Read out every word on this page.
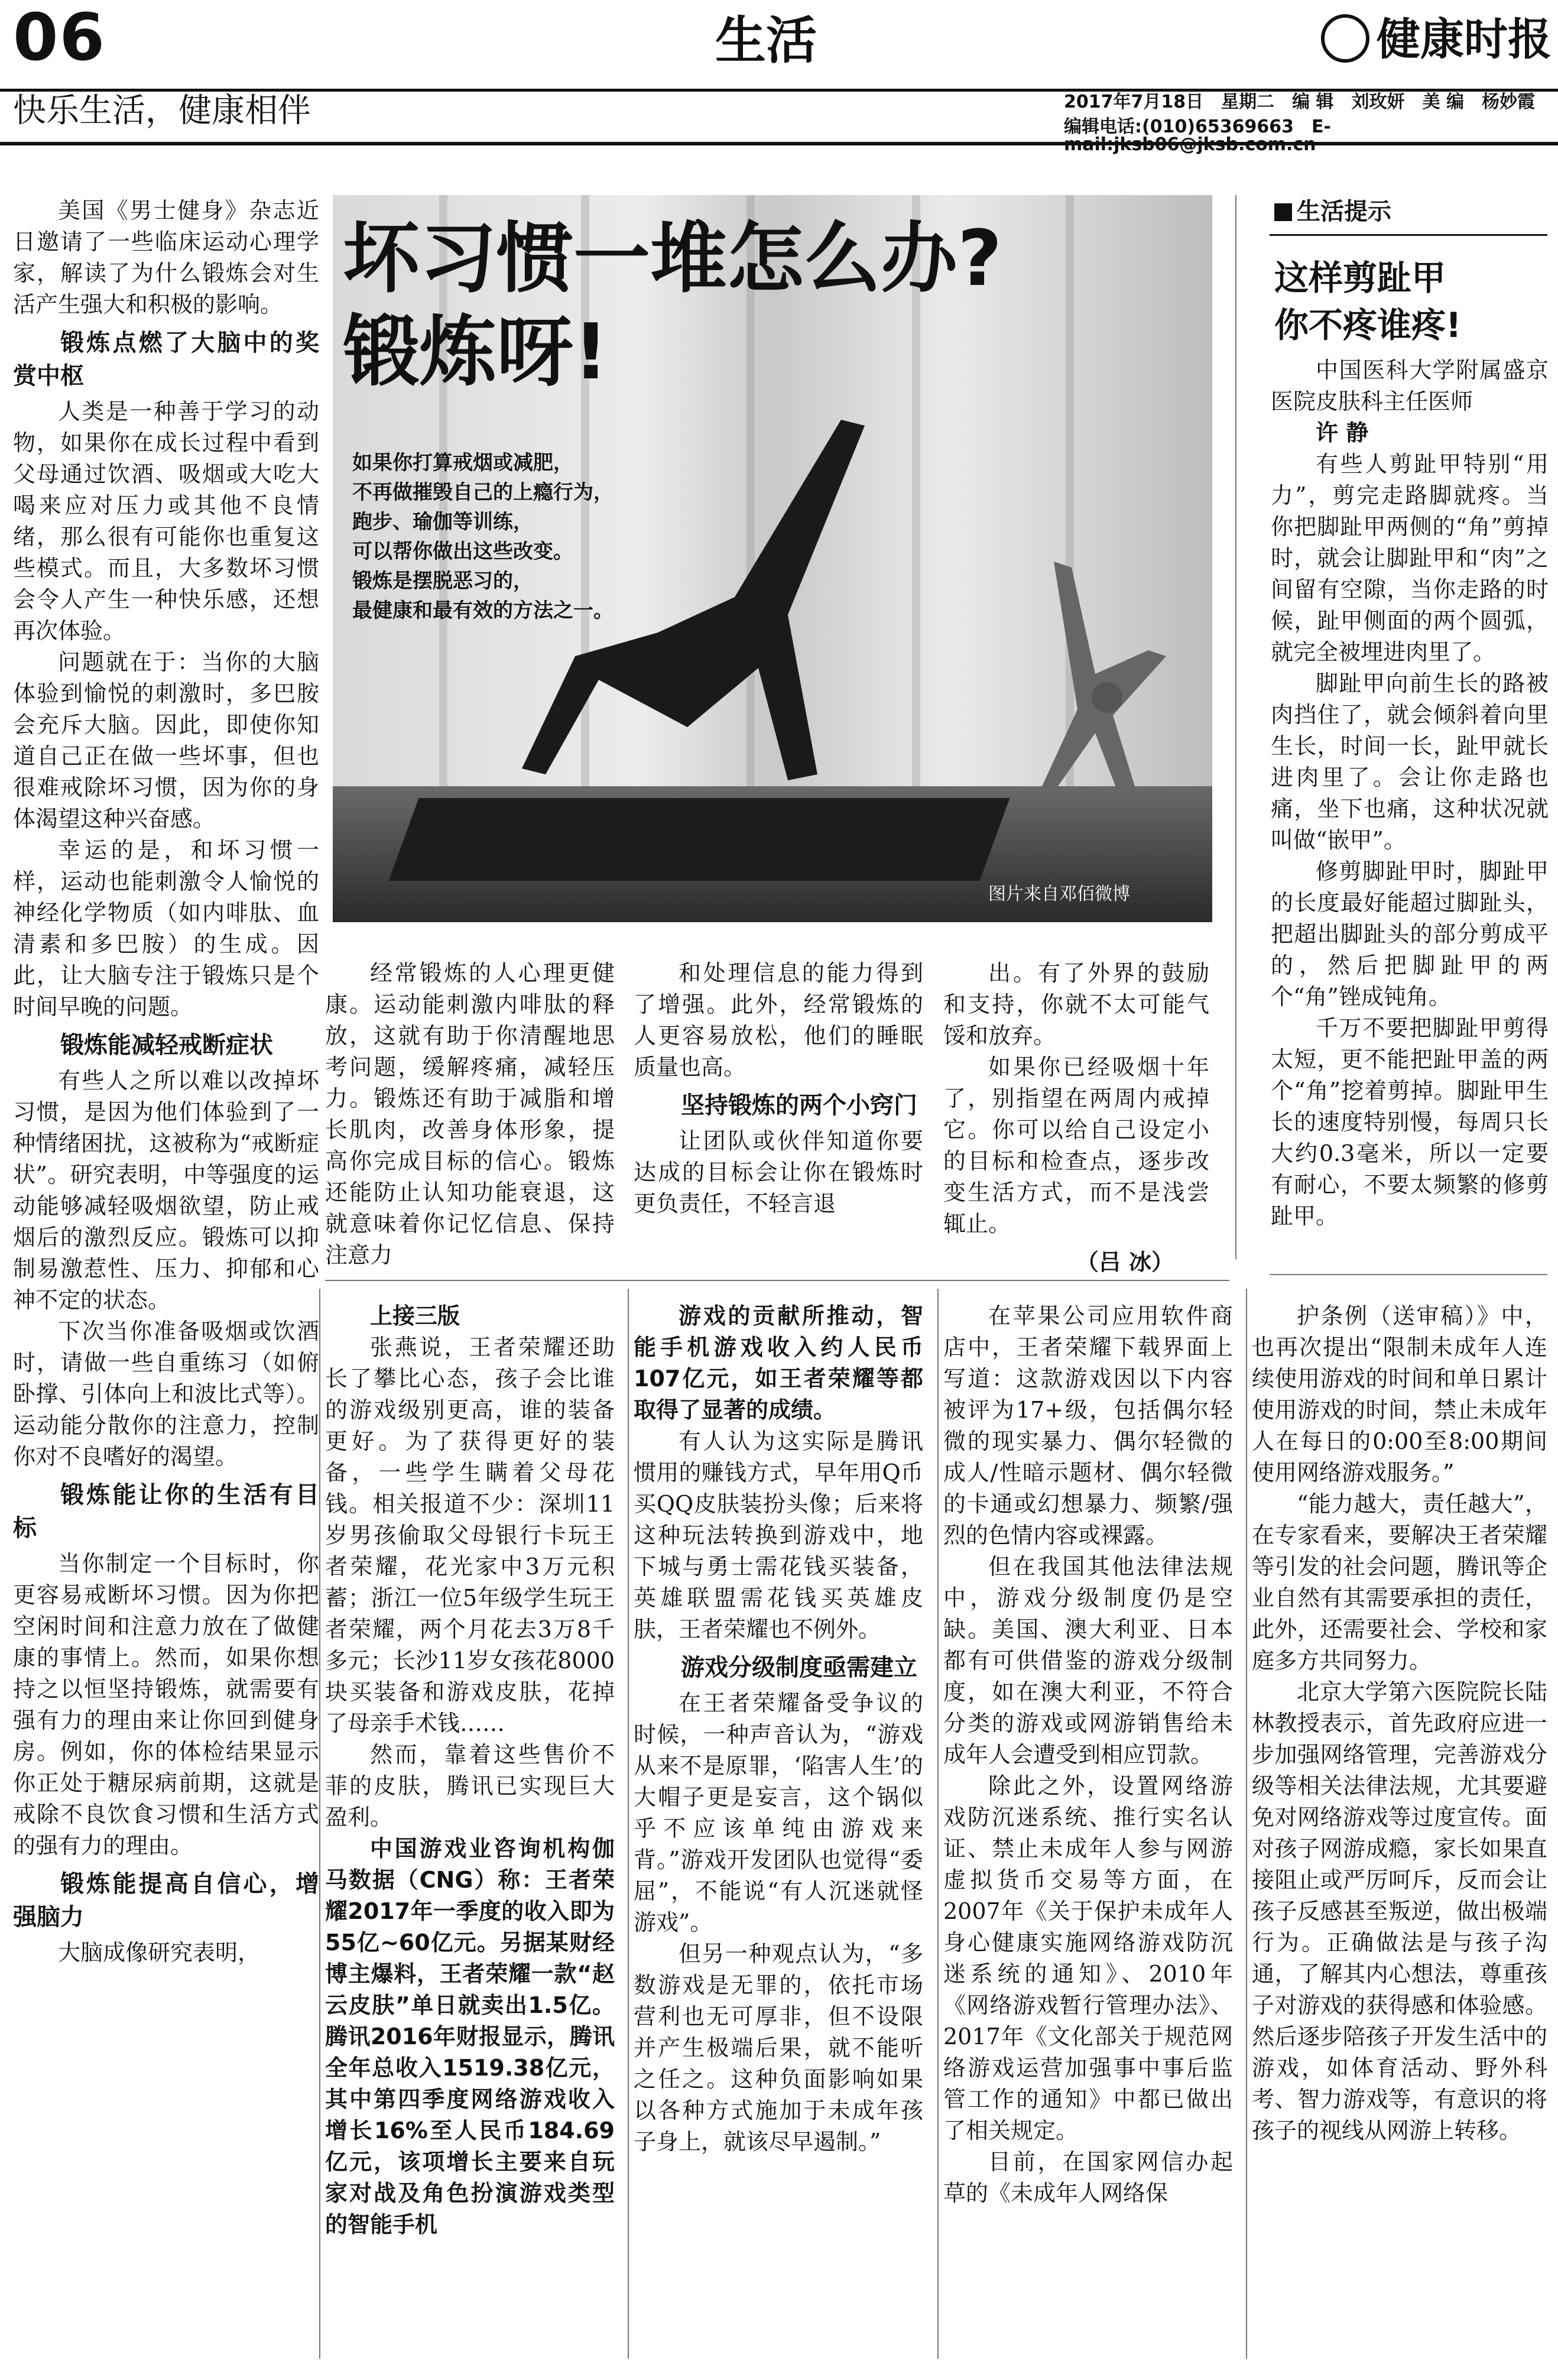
06	生活	健康时报
快乐生活，健康相伴	2017年7月18日　星期二　编 辑　刘玫妍　美 编　杨妙霞
编辑电话:(010)65369663　E-
坏习惯一堆怎么办?
锻炼呀!
如果你打算戒烟或减肥，
不再做摧毁自己的上瘾行为，
跑步、瑜伽等训练，
可以帮你做出这些改变。
锻炼是摆脱恶习的，
最健康和最有效的方法之一。
图片来自邓佰微博

美国《男士健身》杂志近日邀请了一些临床运动心理学家，解读了为什么锻炼会对生活产生强大和积极的影响。

锻炼点燃了大脑中的奖赏中枢

人类是一种善于学习的动物，如果你在成长过程中看到父母通过饮酒、吸烟或大吃大喝来应对压力或其他不良情绪，那么很有可能你也重复这些模式。而且，大多数坏习惯会令人产生一种快乐感，还想再次体验。

问题就在于：当你的大脑体验到愉悦的刺激时，多巴胺会充斥大脑。因此，即使你知道自己正在做一些坏事，但也很难戒除坏习惯，因为你的身体渴望这种兴奋感。

幸运的是，和坏习惯一样，运动也能刺激令人愉悦的神经化学物质（如内啡肽、血清素和多巴胺）的生成。因此，让大脑专注于锻炼只是个时间早晚的问题。

锻炼能减轻戒断症状

有些人之所以难以改掉坏习惯，是因为他们体验到了一种情绪困扰，这被称为“戒断症状”。研究表明，中等强度的运动能够减轻吸烟欲望，防止戒烟后的激烈反应。锻炼可以抑制易激惹性、压力、抑郁和心神不定的状态。

下次当你准备吸烟或饮酒时，请做一些自重练习（如俯卧撑、引体向上和波比式等）。运动能分散你的注意力，控制你对不良嗜好的渴望。

锻炼能让你的生活有目标

当你制定一个目标时，你更容易戒断坏习惯。因为你把空闲时间和注意力放在了做健康的事情上。然而，如果你想持之以恒坚持锻炼，就需要有强有力的理由来让你回到健身房。例如，你的体检结果显示你正处于糖尿病前期，这就是戒除不良饮食习惯和生活方式的强有力的理由。

锻炼能提高自信心，增强脑力

大脑成像研究表明，

经常锻炼的人心理更健康。运动能刺激内啡肽的释放，这就有助于你清醒地思考问题，缓解疼痛，减轻压力。锻炼还有助于减脂和增长肌肉，改善身体形象，提高你完成目标的信心。锻炼还能防止认知功能衰退，这就意味着你记忆信息、保持注意力

和处理信息的能力得到了增强。此外，经常锻炼的人更容易放松，他们的睡眠质量也高。

坚持锻炼的两个小窍门

让团队或伙伴知道你要达成的目标会让你在锻炼时更负责任，不轻言退

出。有了外界的鼓励和支持，你就不太可能气馁和放弃。

如果你已经吸烟十年了，别指望在两周内戒掉它。你可以给自己设定小的目标和检查点，逐步改变生活方式，而不是浅尝辄止。

（吕 冰）

生活提示
这样剪趾甲
你不疼谁疼!

中国医科大学附属盛京医院皮肤科主任医师

许 静

有些人剪趾甲特别“用力”，剪完走路脚就疼。当你把脚趾甲两侧的“角”剪掉时，就会让脚趾甲和“肉”之间留有空隙，当你走路的时候，趾甲侧面的两个圆弧，就完全被埋进肉里了。

脚趾甲向前生长的路被肉挡住了，就会倾斜着向里生长，时间一长，趾甲就长进肉里了。会让你走路也痛，坐下也痛，这种状况就叫做“嵌甲”。

修剪脚趾甲时，脚趾甲的长度最好能超过脚趾头，把超出脚趾头的部分剪成平的，然后把脚趾甲的两个“角”锉成钝角。

千万不要把脚趾甲剪得太短，更不能把趾甲盖的两个“角”挖着剪掉。脚趾甲生长的速度特别慢，每周只长大约0.3毫米，所以一定要有耐心，不要太频繁的修剪趾甲。

上接三版

张燕说，王者荣耀还助长了攀比心态，孩子会比谁的游戏级别更高，谁的装备更好。为了获得更好的装备，一些学生瞒着父母花钱。相关报道不少：深圳11岁男孩偷取父母银行卡玩王者荣耀，花光家中3万元积蓄；浙江一位5年级学生玩王者荣耀，两个月花去3万8千多元；长沙11岁女孩花8000块买装备和游戏皮肤，花掉了母亲手术钱……

然而，靠着这些售价不菲的皮肤，腾讯已实现巨大盈利。

中国游戏业咨询机构伽马数据（CNG）称：王者荣耀2017年一季度的收入即为55亿~60亿元。另据某财经博主爆料，王者荣耀一款“赵云皮肤”单日就卖出1.5亿。腾讯2016年财报显示，腾讯全年总收入1519.38亿元，其中第四季度网络游戏收入增长16%至人民币184.69亿元，该项增长主要来自玩家对战及角色扮演游戏类型的智能手机

游戏的贡献所推动，智能手机游戏收入约人民币107亿元，如王者荣耀等都取得了显著的成绩。

有人认为这实际是腾讯惯用的赚钱方式，早年用Q币买QQ皮肤装扮头像；后来将这种玩法转换到游戏中，地下城与勇士需花钱买装备，英雄联盟需花钱买英雄皮肤，王者荣耀也不例外。

游戏分级制度亟需建立

在王者荣耀备受争议的时候，一种声音认为，“游戏从来不是原罪，‘陷害人生’的大帽子更是妄言，这个锅似乎不应该单纯由游戏来背。”游戏开发团队也觉得“委屈”，不能说“有人沉迷就怪游戏”。

但另一种观点认为，“多数游戏是无罪的，依托市场营利也无可厚非，但不设限并产生极端后果，就不能听之任之。这种负面影响如果以各种方式施加于未成年孩子身上，就该尽早遏制。”

在苹果公司应用软件商店中，王者荣耀下载界面上写道：这款游戏因以下内容被评为17+级，包括偶尔轻微的现实暴力、偶尔轻微的成人/性暗示题材、偶尔轻微的卡通或幻想暴力、频繁/强烈的色情内容或裸露。

但在我国其他法律法规中，游戏分级制度仍是空缺。美国、澳大利亚、日本都有可供借鉴的游戏分级制度，如在澳大利亚，不符合分类的游戏或网游销售给未成年人会遭受到相应罚款。

除此之外，设置网络游戏防沉迷系统、推行实名认证、禁止未成年人参与网游虚拟货币交易等方面，在2007年《关于保护未成年人身心健康实施网络游戏防沉迷系统的通知》、2010年《网络游戏暂行管理办法》、2017年《文化部关于规范网络游戏运营加强事中事后监管工作的通知》中都已做出了相关规定。

目前，在国家网信办起草的《未成年人网络保

护条例（送审稿）》中，也再次提出“限制未成年人连续使用游戏的时间和单日累计使用游戏的时间，禁止未成年人在每日的0:00至8:00期间使用网络游戏服务。”

“能力越大，责任越大”，在专家看来，要解决王者荣耀等引发的社会问题，腾讯等企业自然有其需要承担的责任，此外，还需要社会、学校和家庭多方共同努力。

北京大学第六医院院长陆林教授表示，首先政府应进一步加强网络管理，完善游戏分级等相关法律法规，尤其要避免对网络游戏等过度宣传。面对孩子网游成瘾，家长如果直接阻止或严厉呵斥，反而会让孩子反感甚至叛逆，做出极端行为。正确做法是与孩子沟通，了解其内心想法，尊重孩子对游戏的获得感和体验感。然后逐步陪孩子开发生活中的游戏，如体育活动、野外科考、智力游戏等，有意识的将孩子的视线从网游上转移。
